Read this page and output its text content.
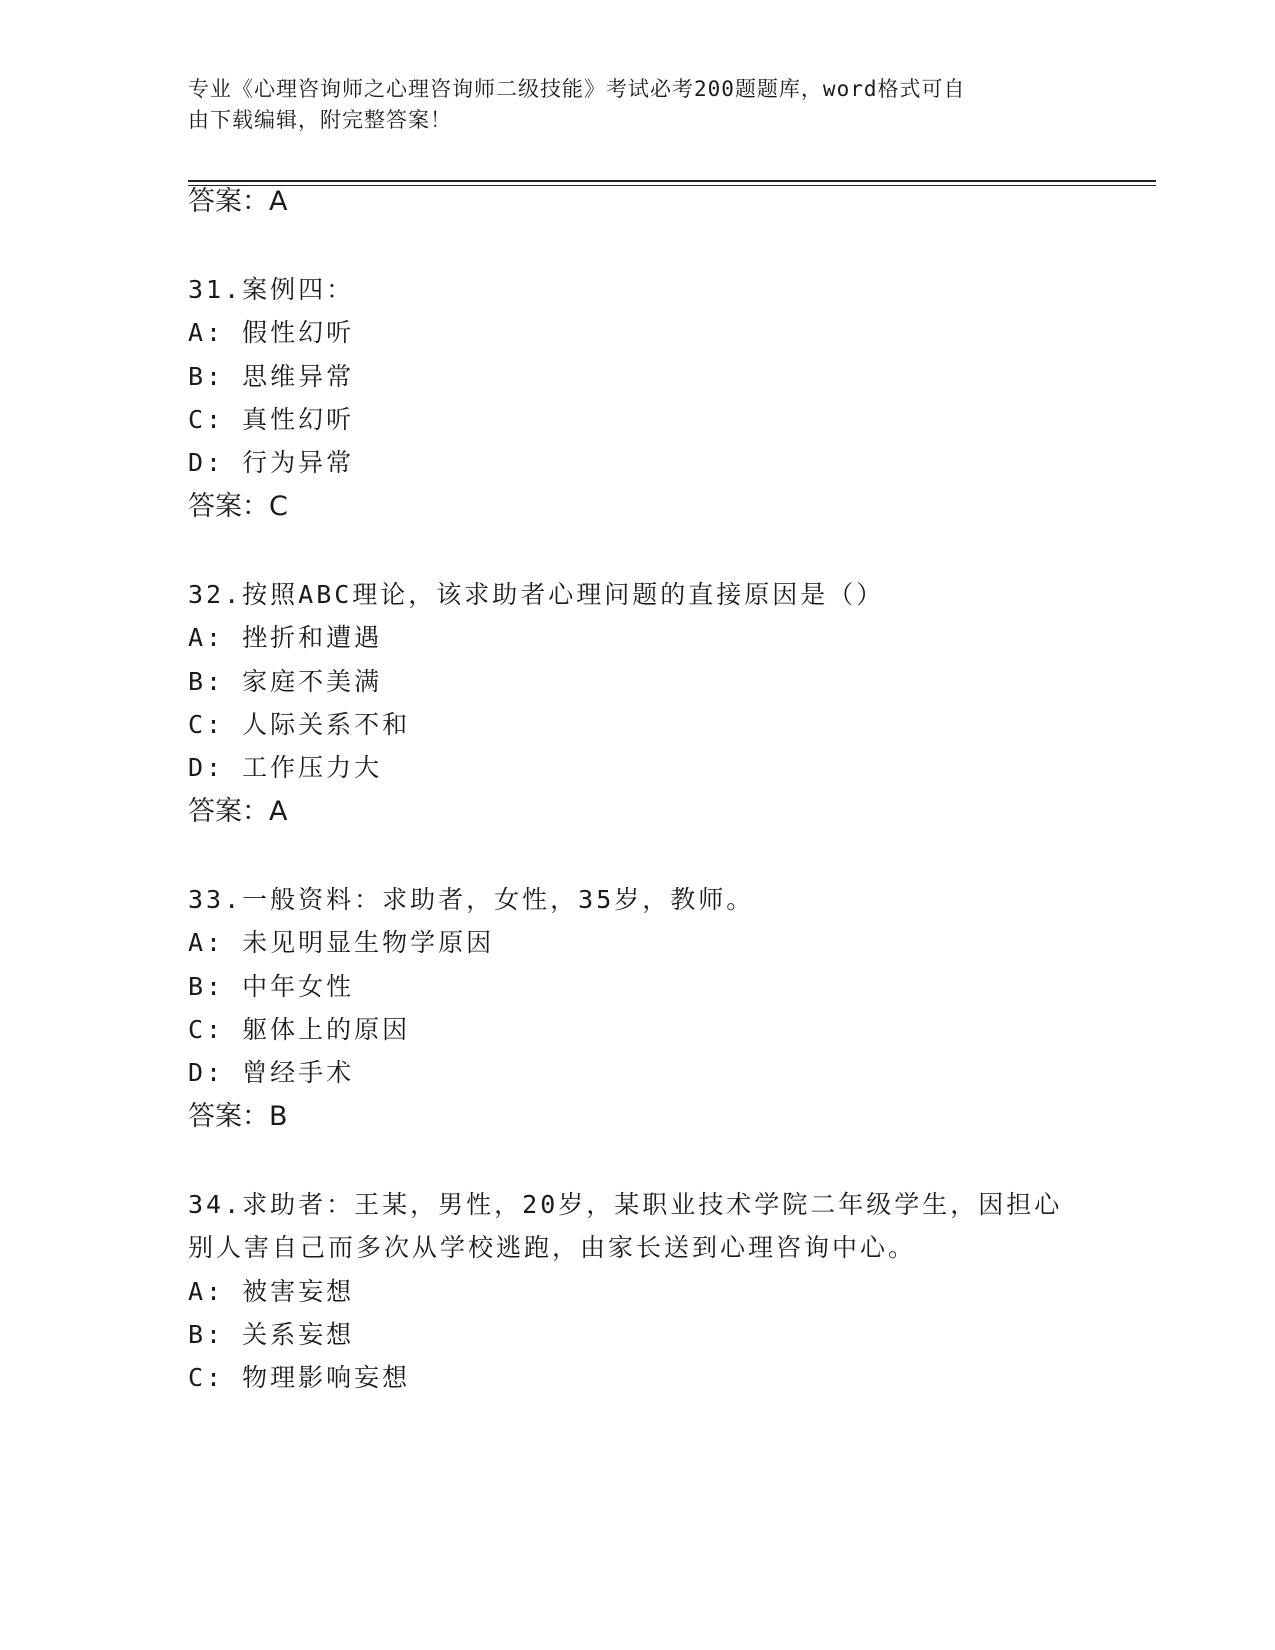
专业《心理咨询师之心理咨询师二级技能》考试必考200题题库，word格式可自
由下载编辑，附完整答案！
答案：A
31.案例四：
A: 假性幻听
B: 思维异常
C: 真性幻听
D: 行为异常
答案：C
32.按照ABC理论，该求助者心理问题的直接原因是（）
A: 挫折和遭遇
B: 家庭不美满
C: 人际关系不和
D: 工作压力大
答案：A
33.一般资料：求助者，女性，35岁，教师。
A: 未见明显生物学原因
B: 中年女性
C: 躯体上的原因
D: 曾经手术
答案：B
34.求助者：王某，男性，20岁，某职业技术学院二年级学生，因担心
别人害自己而多次从学校逃跑，由家长送到心理咨询中心。
A: 被害妄想
B: 关系妄想
C: 物理影响妄想
